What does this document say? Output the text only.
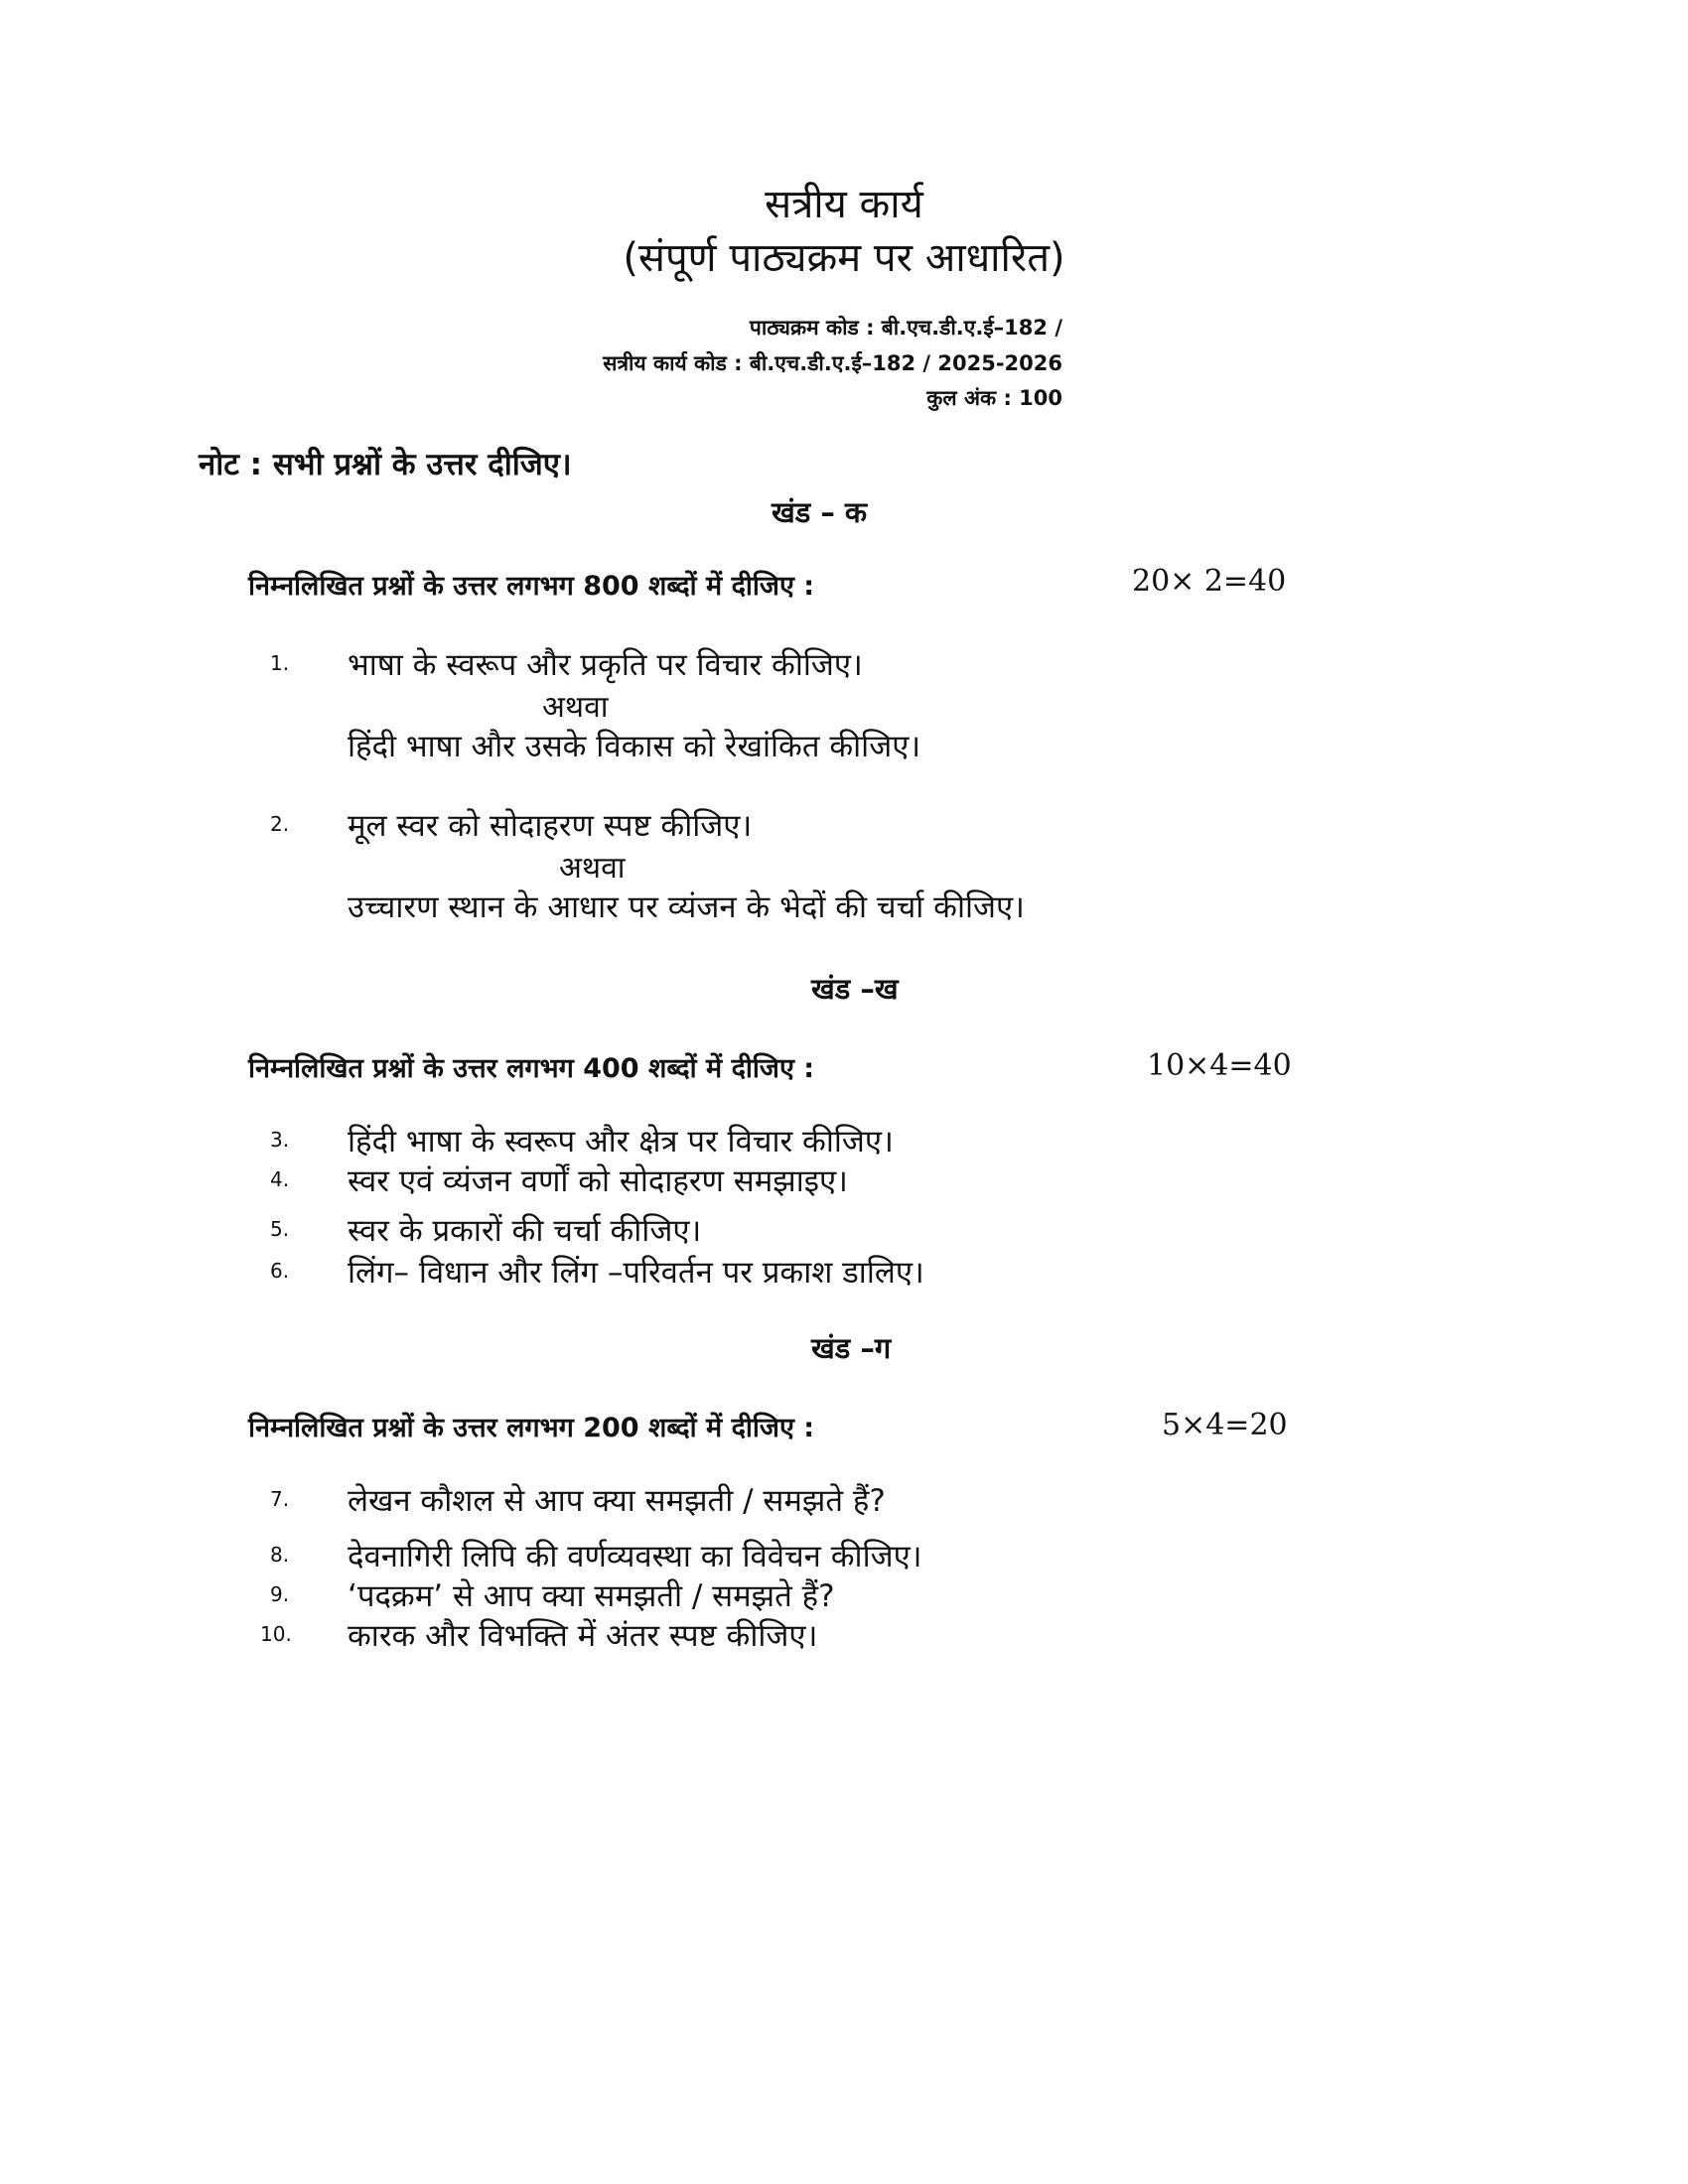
सत्रीय कार्य
(संपूर्ण पाठ्यक्रम पर आधारित)
पाठ्यक्रम कोड : बी.एच.डी.ए.ई–182 /
सत्रीय कार्य कोड : बी.एच.डी.ए.ई–182 / 2025-2026
कुल अंक : 100
नोट : सभी प्रश्नों के उत्तर दीजिए।
खंड – क
निम्नलिखित प्रश्नों के उत्तर लगभग 800 शब्दों में दीजिए :	20× 2=40
1. भाषा के स्वरूप और प्रकृति पर विचार कीजिए।
अथवा
हिंदी भाषा और उसके विकास को रेखांकित कीजिए।
2. मूल स्वर को सोदाहरण स्पष्ट कीजिए।
अथवा
उच्चारण स्थान के आधार पर व्यंजन के भेदों की चर्चा कीजिए।
खंड –ख
निम्नलिखित प्रश्नों के उत्तर लगभग 400 शब्दों में दीजिए :	10×4=40
3. हिंदी भाषा के स्वरूप और क्षेत्र पर विचार कीजिए।
4. स्वर एवं व्यंजन वर्णों को सोदाहरण समझाइए।
5. स्वर के प्रकारों की चर्चा कीजिए।
6. लिंग– विधान और लिंग –परिवर्तन पर प्रकाश डालिए।
खंड –ग
निम्नलिखित प्रश्नों के उत्तर लगभग 200 शब्दों में दीजिए :	5×4=20
7. लेखन कौशल से आप क्या समझती / समझते हैं?
8. देवनागिरी लिपि की वर्णव्यवस्था का विवेचन कीजिए।
9. ‘पदक्रम’ से आप क्या समझती / समझते हैं?
10. कारक और विभक्ति में अंतर स्पष्ट कीजिए।
